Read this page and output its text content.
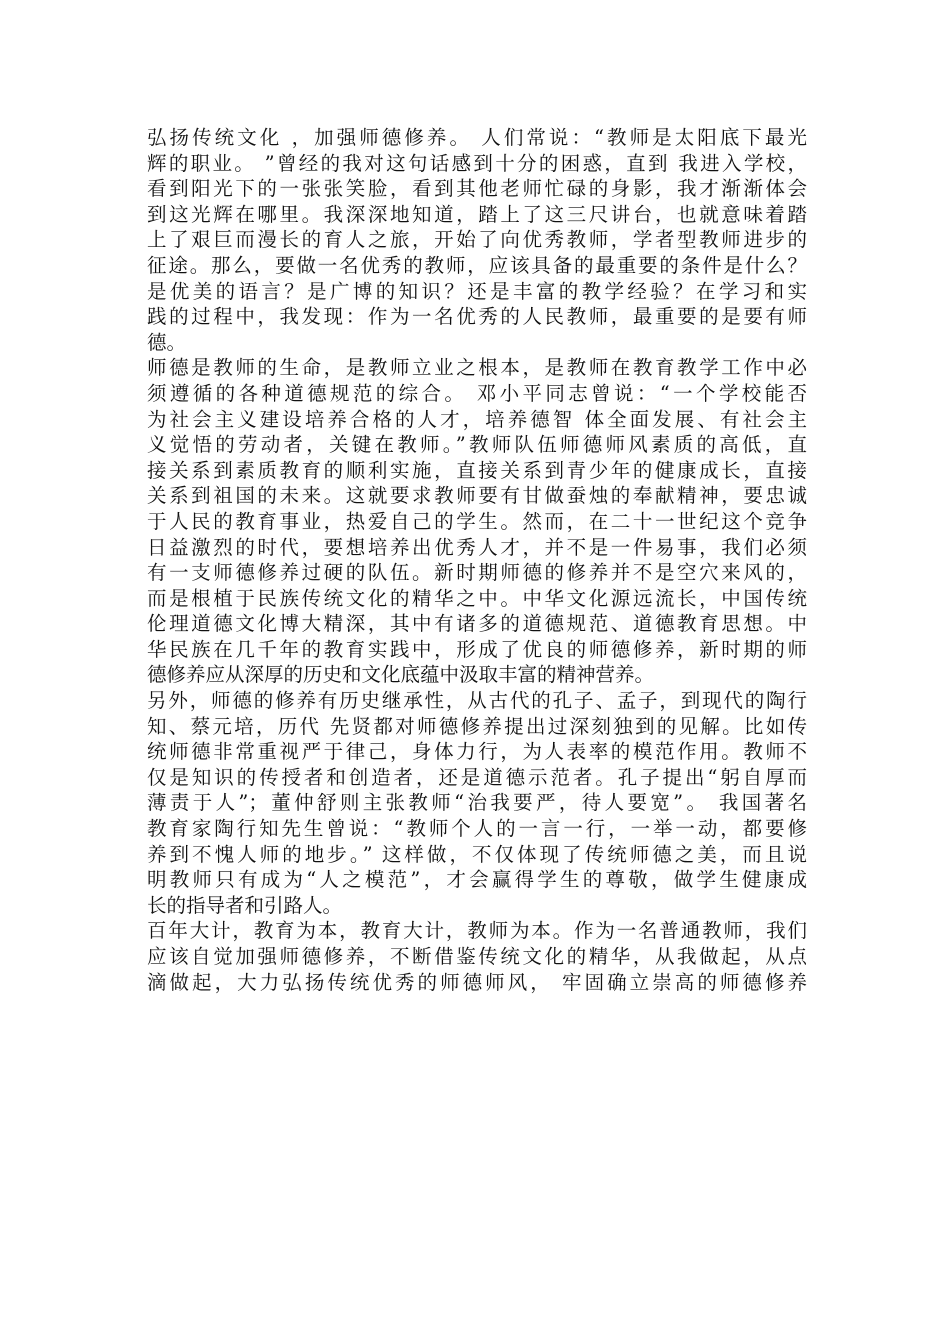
弘扬传统文化 ，加强师德修养。 人们常说：“教师是太阳底下最光
辉的职业。 ”曾经的我对这句话感到十分的困惑，直到 我进入学校，
看到阳光下的一张张笑脸，看到其他老师忙碌的身影，我才渐渐体会
到这光辉在哪里。我深深地知道，踏上了这三尺讲台，也就意味着踏
上了艰巨而漫长的育人之旅，开始了向优秀教师，学者型教师进步的
征途。那么，要做一名优秀的教师，应该具备的最重要的条件是什么？
是优美的语言？是广博的知识？还是丰富的教学经验？在学习和实
践的过程中，我发现：作为一名优秀的人民教师，最重要的是要有师
德。
师德是教师的生命，是教师立业之根本，是教师在教育教学工作中必
须遵循的各种道德规范的综合。 邓小平同志曾说：“一个学校能否
为社会主义建设培养合格的人才，培养德智 体全面发展、有社会主
义觉悟的劳动者，关键在教师。”教师队伍师德师风素质的高低，直
接关系到素质教育的顺利实施，直接关系到青少年的健康成长，直接
关系到祖国的未来。这就要求教师要有甘做蚕烛的奉献精神，要忠诚
于人民的教育事业，热爱自己的学生。然而，在二十一世纪这个竞争
日益激烈的时代，要想培养出优秀人才，并不是一件易事，我们必须
有一支师德修养过硬的队伍。新时期师德的修养并不是空穴来风的，
而是根植于民族传统文化的精华之中。中华文化源远流长，中国传统
伦理道德文化博大精深，其中有诸多的道德规范、道德教育思想。中
华民族在几千年的教育实践中，形成了优良的师德修养，新时期的师
德修养应从深厚的历史和文化底蕴中汲取丰富的精神营养。
另外，师德的修养有历史继承性，从古代的孔子、孟子，到现代的陶行
知、蔡元培，历代 先贤都对师德修养提出过深刻独到的见解。比如传
统师德非常重视严于律己，身体力行，为人表率的模范作用。教师不
仅是知识的传授者和创造者，还是道德示范者。孔子提出“躬自厚而
薄责于人”；董仲舒则主张教师“治我要严，待人要宽”。 我国著名
教育家陶行知先生曾说：“教师个人的一言一行，一举一动，都要修
养到不愧人师的地步。” 这样做，不仅体现了传统师德之美，而且说
明教师只有成为“人之模范”，才会赢得学生的尊敬，做学生健康成
长的指导者和引路人。
百年大计，教育为本，教育大计，教师为本。作为一名普通教师，我们
应该自觉加强师德修养，不断借鉴传统文化的精华，从我做起，从点
滴做起，大力弘扬传统优秀的师德师风， 牢固确立崇高的师德修养
